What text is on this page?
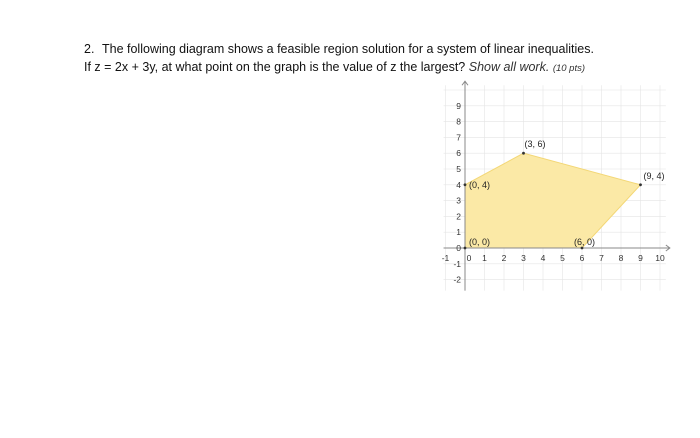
2. The following diagram shows a feasible region solution for a system of linear inequalities.
If z = 2x + 3y, at what point on the graph is the value of z the largest? Show all work. (10 pts)
-1	1 2 3 4 5 6 7 8 9 10
0
-2
-1
0
1
2
3
4
5
6
7
8
9
(0, 0)
(0, 4)
(3, 6)
(9, 4)
(6, 0)
